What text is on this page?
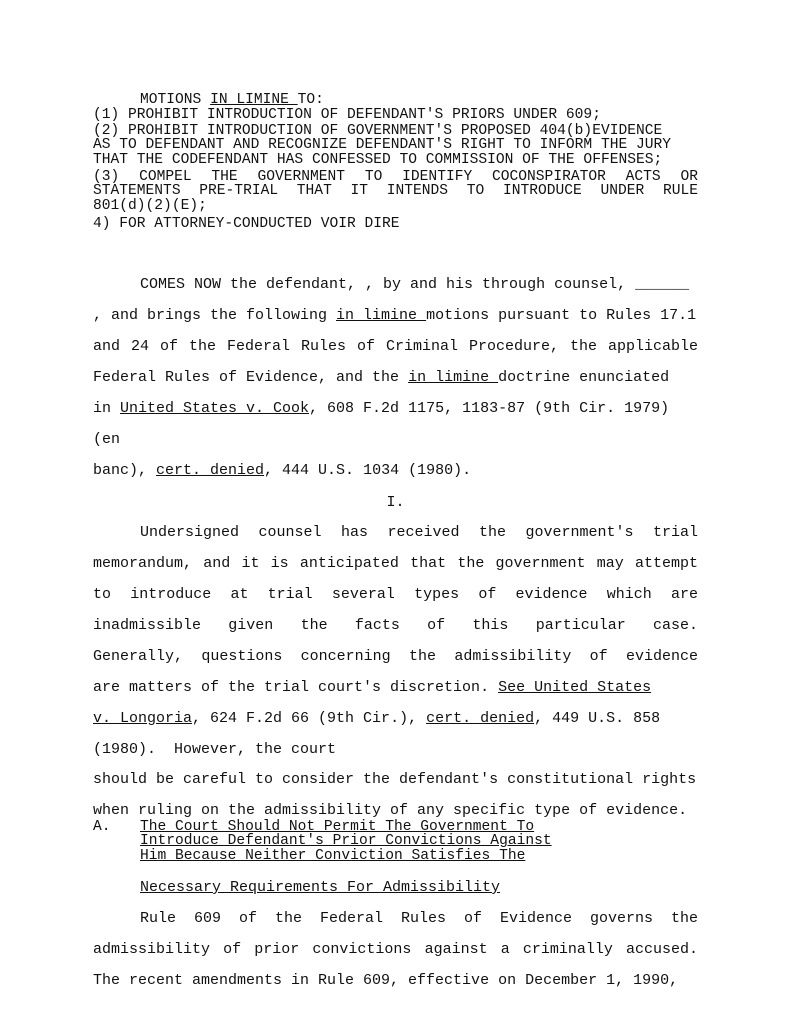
MOTIONS IN LIMINE TO:
(1) PROHIBIT INTRODUCTION OF DEFENDANT'S PRIORS UNDER 609;
(2) PROHIBIT INTRODUCTION OF GOVERNMENT'S PROPOSED 404(b)EVIDENCE
AS TO DEFENDANT AND RECOGNIZE DEFENDANT'S RIGHT TO INFORM THE JURY
THAT THE CODEFENDANT HAS CONFESSED TO COMMISSION OF THE OFFENSES;
(3) COMPEL THE GOVERNMENT TO IDENTIFY COCONSPIRATOR ACTS OR
STATEMENTS PRE-TRIAL THAT IT INTENDS TO INTRODUCE UNDER RULE
801(d)(2)(E);
4) FOR ATTORNEY-CONDUCTED VOIR DIRE
COMES NOW the defendant, , by and his through counsel, ______
, and brings the following in limine motions pursuant to Rules 17.1
and 24 of the Federal Rules of Criminal Procedure, the applicable
Federal Rules of Evidence, and the in limine doctrine enunciated
in United States v. Cook, 608 F.2d 1175, 1183-87 (9th Cir. 1979)
(en
banc), cert. denied, 444 U.S. 1034 (1980).
I.
Undersigned counsel has received the government's trial
memorandum, and it is anticipated that the government may attempt
to introduce at trial several types of evidence which are
inadmissible given the facts of this particular case.
Generally, questions concerning the admissibility of evidence
are matters of the trial court's discretion. See United States
v. Longoria, 624 F.2d 66 (9th Cir.), cert. denied, 449 U.S. 858
(1980).  However, the court
should be careful to consider the defendant's constitutional rights
when ruling on the admissibility of any specific type of evidence.
A. The Court Should Not Permit The Government To
Introduce Defendant's Prior Convictions Against
Him Because Neither Conviction Satisfies The
Necessary Requirements For Admissibility
Rule 609 of the Federal Rules of Evidence governs the
admissibility of prior convictions against a criminally accused.
The recent amendments in Rule 609, effective on December 1, 1990,
